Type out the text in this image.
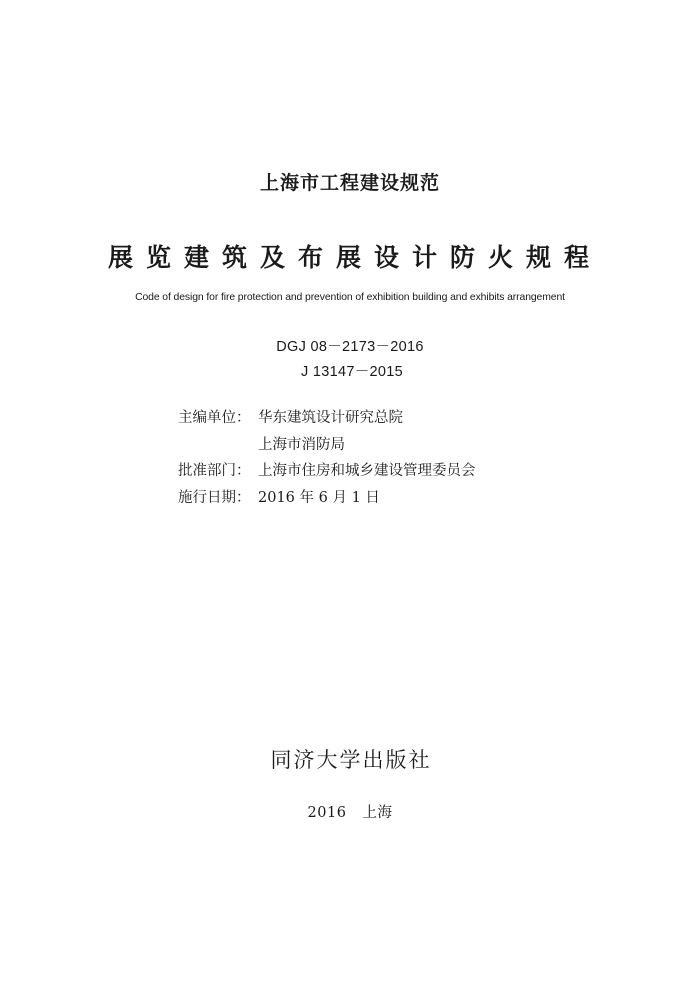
上海市工程建设规范
展览建筑及布展设计防火规程
Code of design for fire protection and prevention of exhibition building and exhibits arrangement
DGJ 08－2173－2016
J 13147－2015
主编单位： 华东建筑设计研究总院
上海市消防局
批准部门： 上海市住房和城乡建设管理委员会
施行日期： 2016 年 6 月 1 日
同济大学出版社
2016 上海
